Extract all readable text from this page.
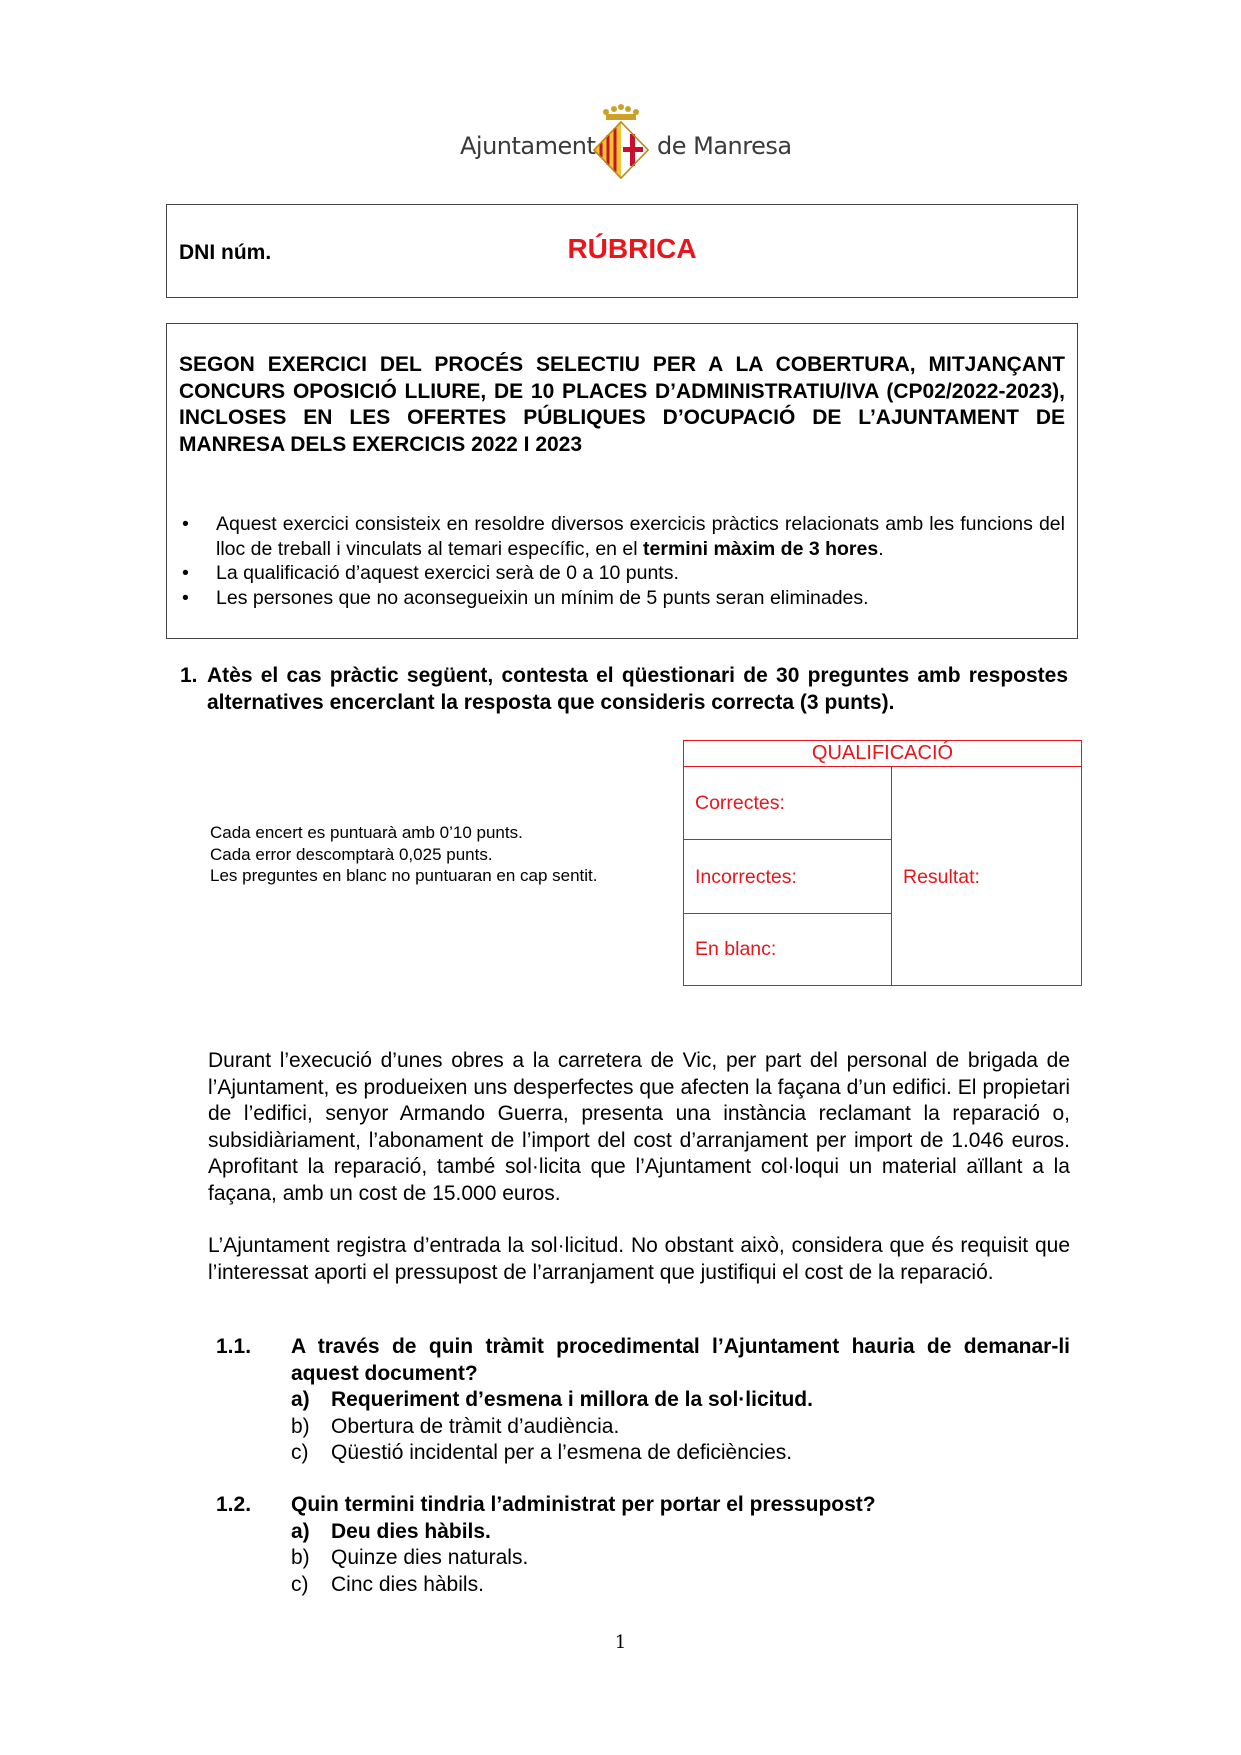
Ajuntament	de Manresa
RÚBRICA
DNI núm.
SEGON EXERCICI DEL PROCÉS SELECTIU PER A LA COBERTURA, MITJANÇANT CONCURS OPOSICIÓ LLIURE, DE 10 PLACES D’ADMINISTRATIU/IVA (CP02/2022-2023), INCLOSES EN LES OFERTES PÚBLIQUES D’OCUPACIÓ DE L’AJUNTAMENT DE MANRESA DELS EXERCICIS 2022 I 2023
• Aquest exercici consisteix en resoldre diversos exercicis pràctics relacionats amb les funcions del lloc de treball i vinculats al temari específic, en el termini màxim de 3 hores.
• La qualificació d’aquest exercici serà de 0 a 10 punts.
• Les persones que no aconsegueixin un mínim de 5 punts seran eliminades.
1. Atès el cas pràctic següent, contesta el qüestionari de 30 preguntes amb respostes alternatives encerclant la resposta que consideris correcta (3 punts).
Cada encert es puntuarà amb 0’10 punts.
Cada error descomptarà 0,025 punts.
Les preguntes en blanc no puntuaran en cap sentit.
QUALIFICACIÓ
Correctes:
Incorrectes:
En blanc:
Resultat:
Durant l’execució d’unes obres a la carretera de Vic, per part del personal de brigada de l’Ajuntament, es produeixen uns desperfectes que afecten la façana d’un edifici. El propietari de l’edifici, senyor Armando Guerra, presenta una instància reclamant la reparació o, subsidiàriament, l’abonament de l’import del cost d’arranjament per import de 1.046 euros. Aprofitant la reparació, també sol·licita que l’Ajuntament col·loqui un material aïllant a la façana, amb un cost de 15.000 euros.
L’Ajuntament registra d’entrada la sol·licitud. No obstant això, considera que és requisit que l’interessat aporti el pressupost de l’arranjament que justifiqui el cost de la reparació.
1.1.	A través de quin tràmit procedimental l’Ajuntament hauria de demanar-li aquest document?
a) Requeriment d’esmena i millora de la sol·licitud.
b) Obertura de tràmit d’audiència.
c) Qüestió incidental per a l’esmena de deficiències.
1.2.	Quin termini tindria l’administrat per portar el pressupost?
a) Deu dies hàbils.
b) Quinze dies naturals.
c) Cinc dies hàbils.
1
